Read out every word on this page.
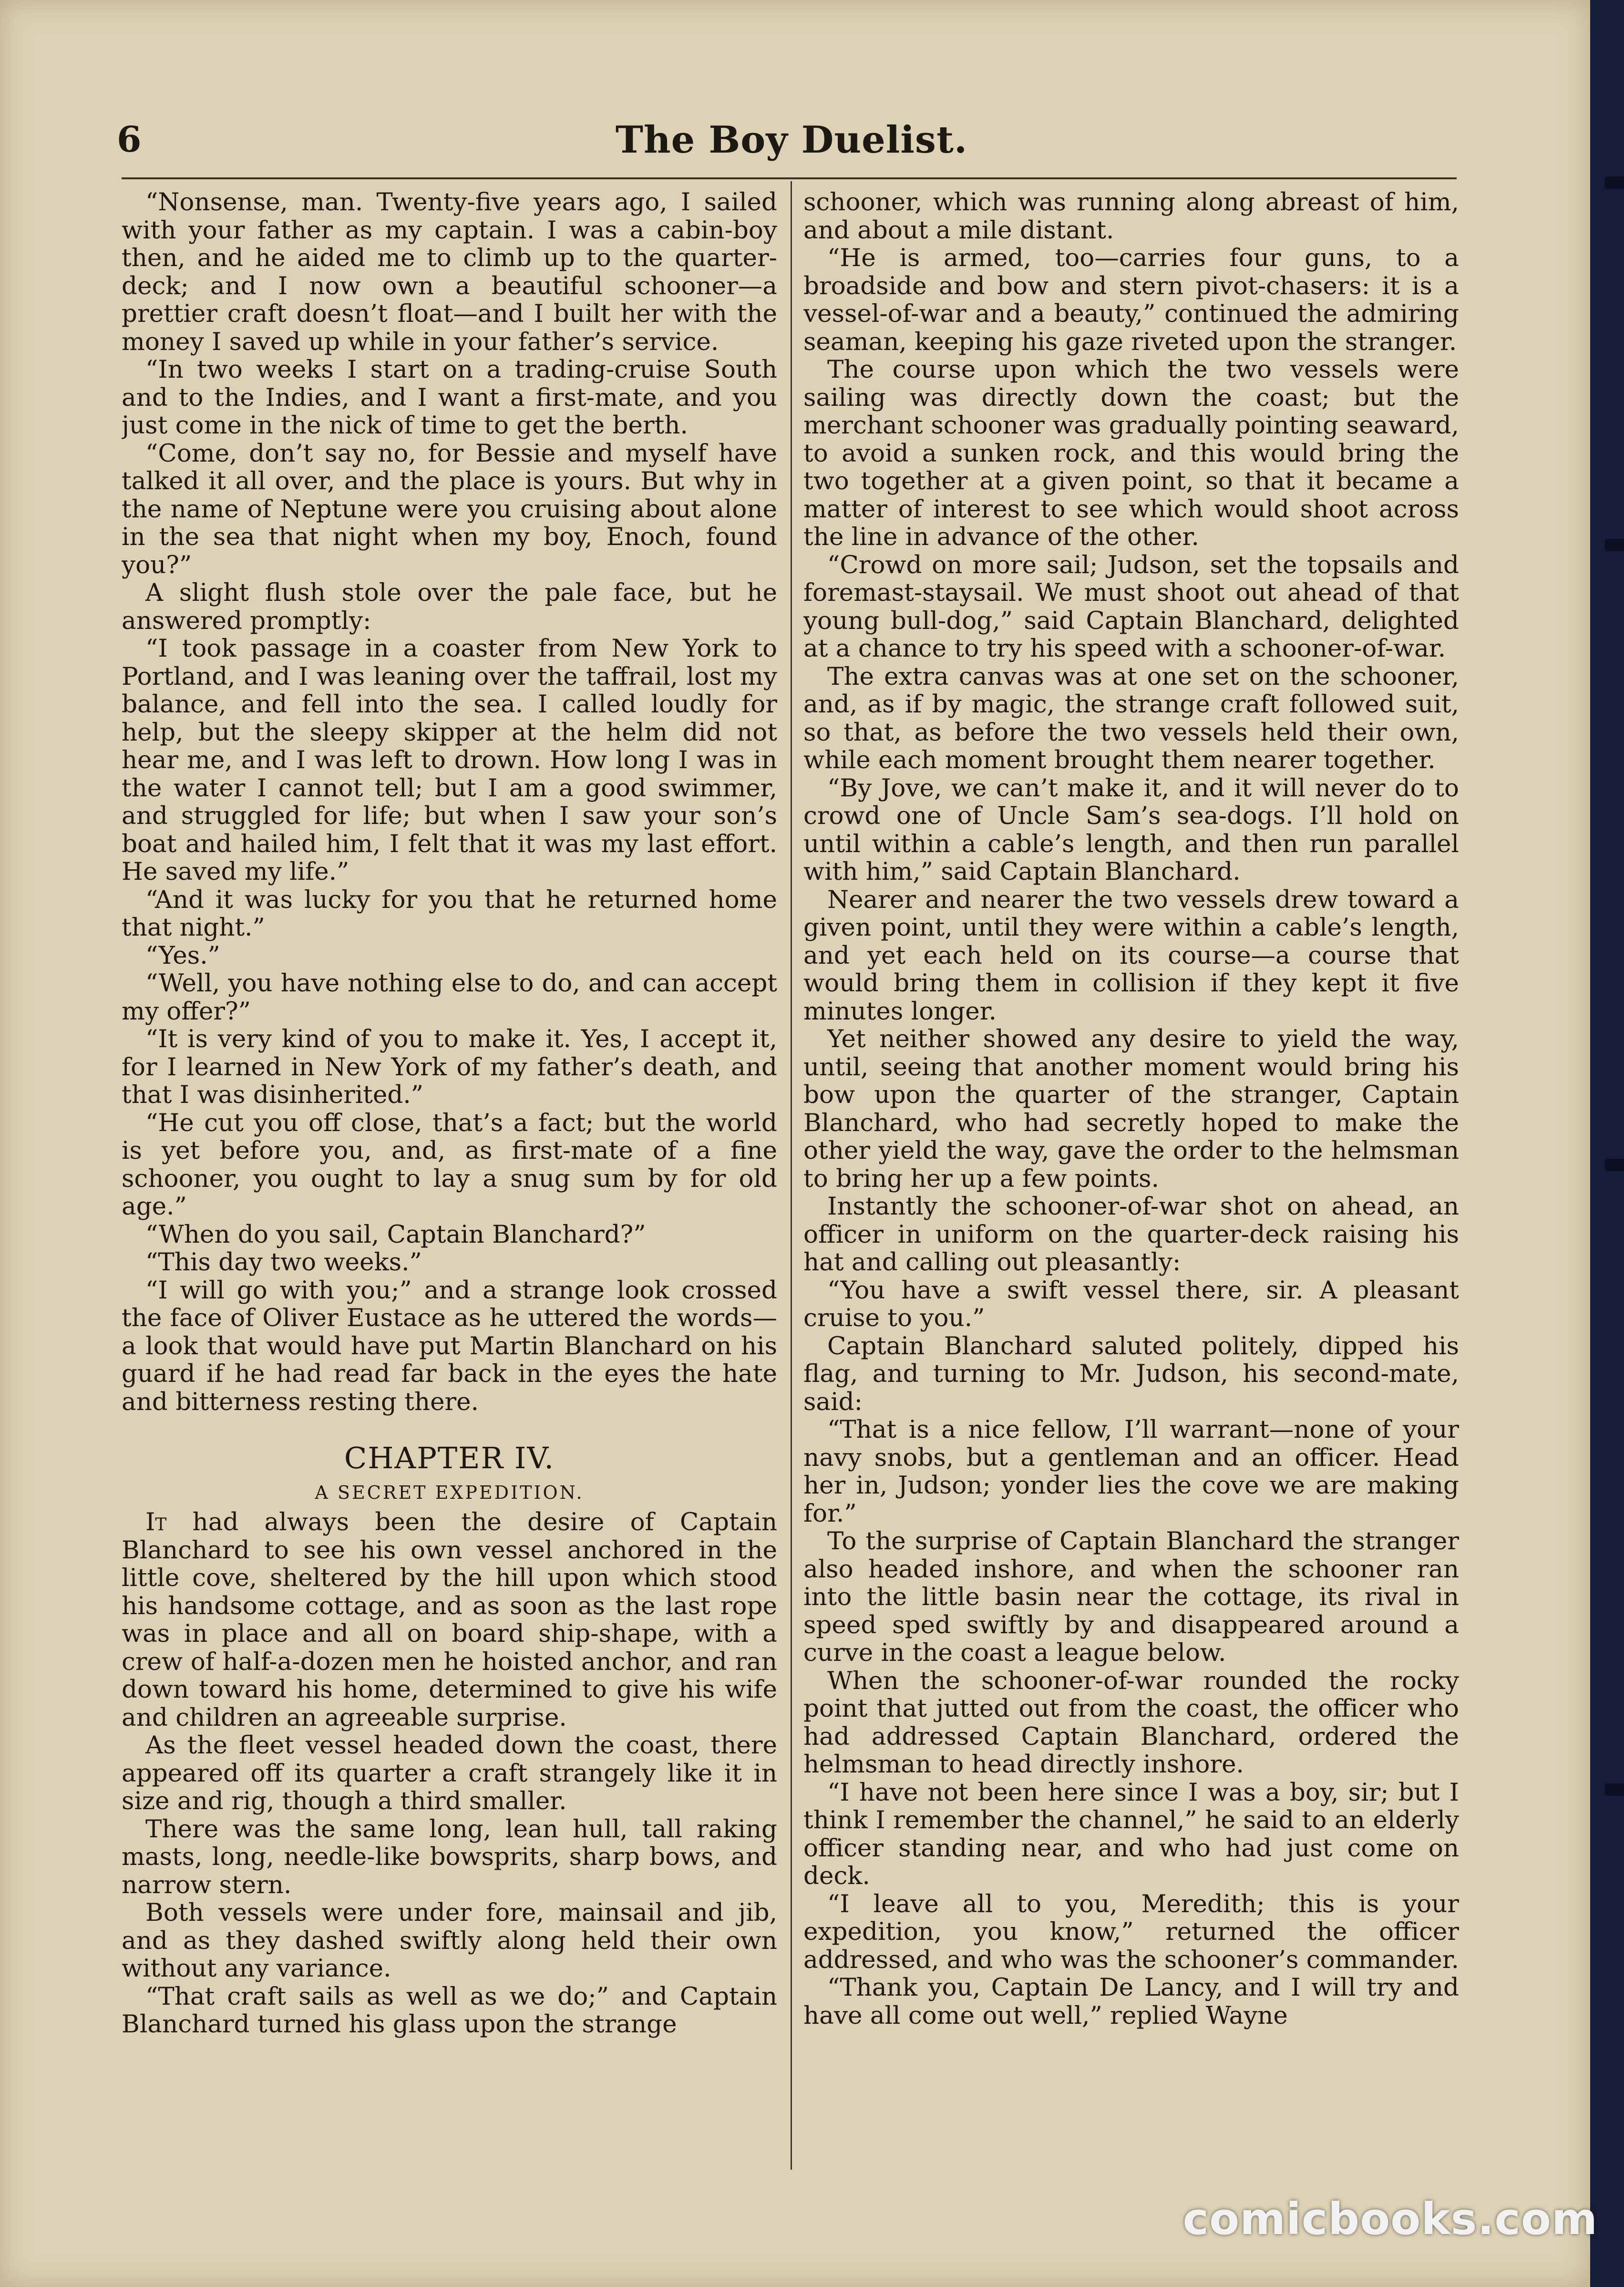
6	The Boy Duelist.

“Nonsense, man. Twenty-five years ago, I sailed with your father as my captain. I was a cabin-boy then, and he aided me to climb up to the quarter-deck; and I now own a beautiful schooner—a prettier craft doesn’t float—and I built her with the money I saved up while in your father’s service.

“In two weeks I start on a trading-cruise South and to the Indies, and I want a first-mate, and you just come in the nick of time to get the berth.

“Come, don’t say no, for Bessie and myself have talked it all over, and the place is yours. But why in the name of Neptune were you cruising about alone in the sea that night when my boy, Enoch, found you?”

A slight flush stole over the pale face, but he answered promptly:

“I took passage in a coaster from New York to Portland, and I was leaning over the taffrail, lost my balance, and fell into the sea. I called loudly for help, but the sleepy skipper at the helm did not hear me, and I was left to drown. How long I was in the water I cannot tell; but I am a good swimmer, and struggled for life; but when I saw your son’s boat and hailed him, I felt that it was my last effort. He saved my life.”

“And it was lucky for you that he returned home that night.”

“Yes.”

“Well, you have nothing else to do, and can accept my offer?”

“It is very kind of you to make it. Yes, I accept it, for I learned in New York of my father’s death, and that I was disinherited.”

“He cut you off close, that’s a fact; but the world is yet before you, and, as first-mate of a fine schooner, you ought to lay a snug sum by for old age.”

“When do you sail, Captain Blanchard?”

“This day two weeks.”

“I will go with you;” and a strange look crossed the face of Oliver Eustace as he uttered the words—a look that would have put Martin Blanchard on his guard if he had read far back in the eyes the hate and bitterness resting there.

CHAPTER IV.
A SECRET EXPEDITION.

It had always been the desire of Captain Blanchard to see his own vessel anchored in the little cove, sheltered by the hill upon which stood his handsome cottage, and as soon as the last rope was in place and all on board ship-shape, with a crew of half-a-dozen men he hoisted anchor, and ran down toward his home, determined to give his wife and children an agreeable surprise.

As the fleet vessel headed down the coast, there appeared off its quarter a craft strangely like it in size and rig, though a third smaller.

There was the same long, lean hull, tall raking masts, long, needle-like bowsprits, sharp bows, and narrow stern.

Both vessels were under fore, mainsail and jib, and as they dashed swiftly along held their own without any variance.

“That craft sails as well as we do;” and Captain Blanchard turned his glass upon the strange

schooner, which was running along abreast of him, and about a mile distant.

“He is armed, too—carries four guns, to a broadside and bow and stern pivot-chasers: it is a vessel-of-war and a beauty,” continued the admiring seaman, keeping his gaze riveted upon the stranger.

The course upon which the two vessels were sailing was directly down the coast; but the merchant schooner was gradually pointing seaward, to avoid a sunken rock, and this would bring the two together at a given point, so that it became a matter of interest to see which would shoot across the line in advance of the other.

“Crowd on more sail; Judson, set the topsails and foremast-staysail. We must shoot out ahead of that young bull-dog,” said Captain Blanchard, delighted at a chance to try his speed with a schooner-of-war.

The extra canvas was at one set on the schooner, and, as if by magic, the strange craft followed suit, so that, as before the two vessels held their own, while each moment brought them nearer together.

“By Jove, we can’t make it, and it will never do to crowd one of Uncle Sam’s sea-dogs. I’ll hold on until within a cable’s length, and then run parallel with him,” said Captain Blanchard.

Nearer and nearer the two vessels drew toward a given point, until they were within a cable’s length, and yet each held on its course—a course that would bring them in collision if they kept it five minutes longer.

Yet neither showed any desire to yield the way, until, seeing that another moment would bring his bow upon the quarter of the stranger, Captain Blanchard, who had secretly hoped to make the other yield the way, gave the order to the helmsman to bring her up a few points.

Instantly the schooner-of-war shot on ahead, an officer in uniform on the quarter-deck raising his hat and calling out pleasantly:

“You have a swift vessel there, sir. A pleasant cruise to you.”

Captain Blanchard saluted politely, dipped his flag, and turning to Mr. Judson, his second-mate, said:

“That is a nice fellow, I’ll warrant—none of your navy snobs, but a gentleman and an officer. Head her in, Judson; yonder lies the cove we are making for.”

To the surprise of Captain Blanchard the stranger also headed inshore, and when the schooner ran into the little basin near the cottage, its rival in speed sped swiftly by and disappeared around a curve in the coast a league below.

When the schooner-of-war rounded the rocky point that jutted out from the coast, the officer who had addressed Captain Blanchard, ordered the helmsman to head directly inshore.

“I have not been here since I was a boy, sir; but I think I remember the channel,” he said to an elderly officer standing near, and who had just come on deck.

“I leave all to you, Meredith; this is your expedition, you know,” returned the officer addressed, and who was the schooner’s commander.

“Thank you, Captain De Lancy, and I will try and have all come out well,” replied Wayne

comicbooks.com
